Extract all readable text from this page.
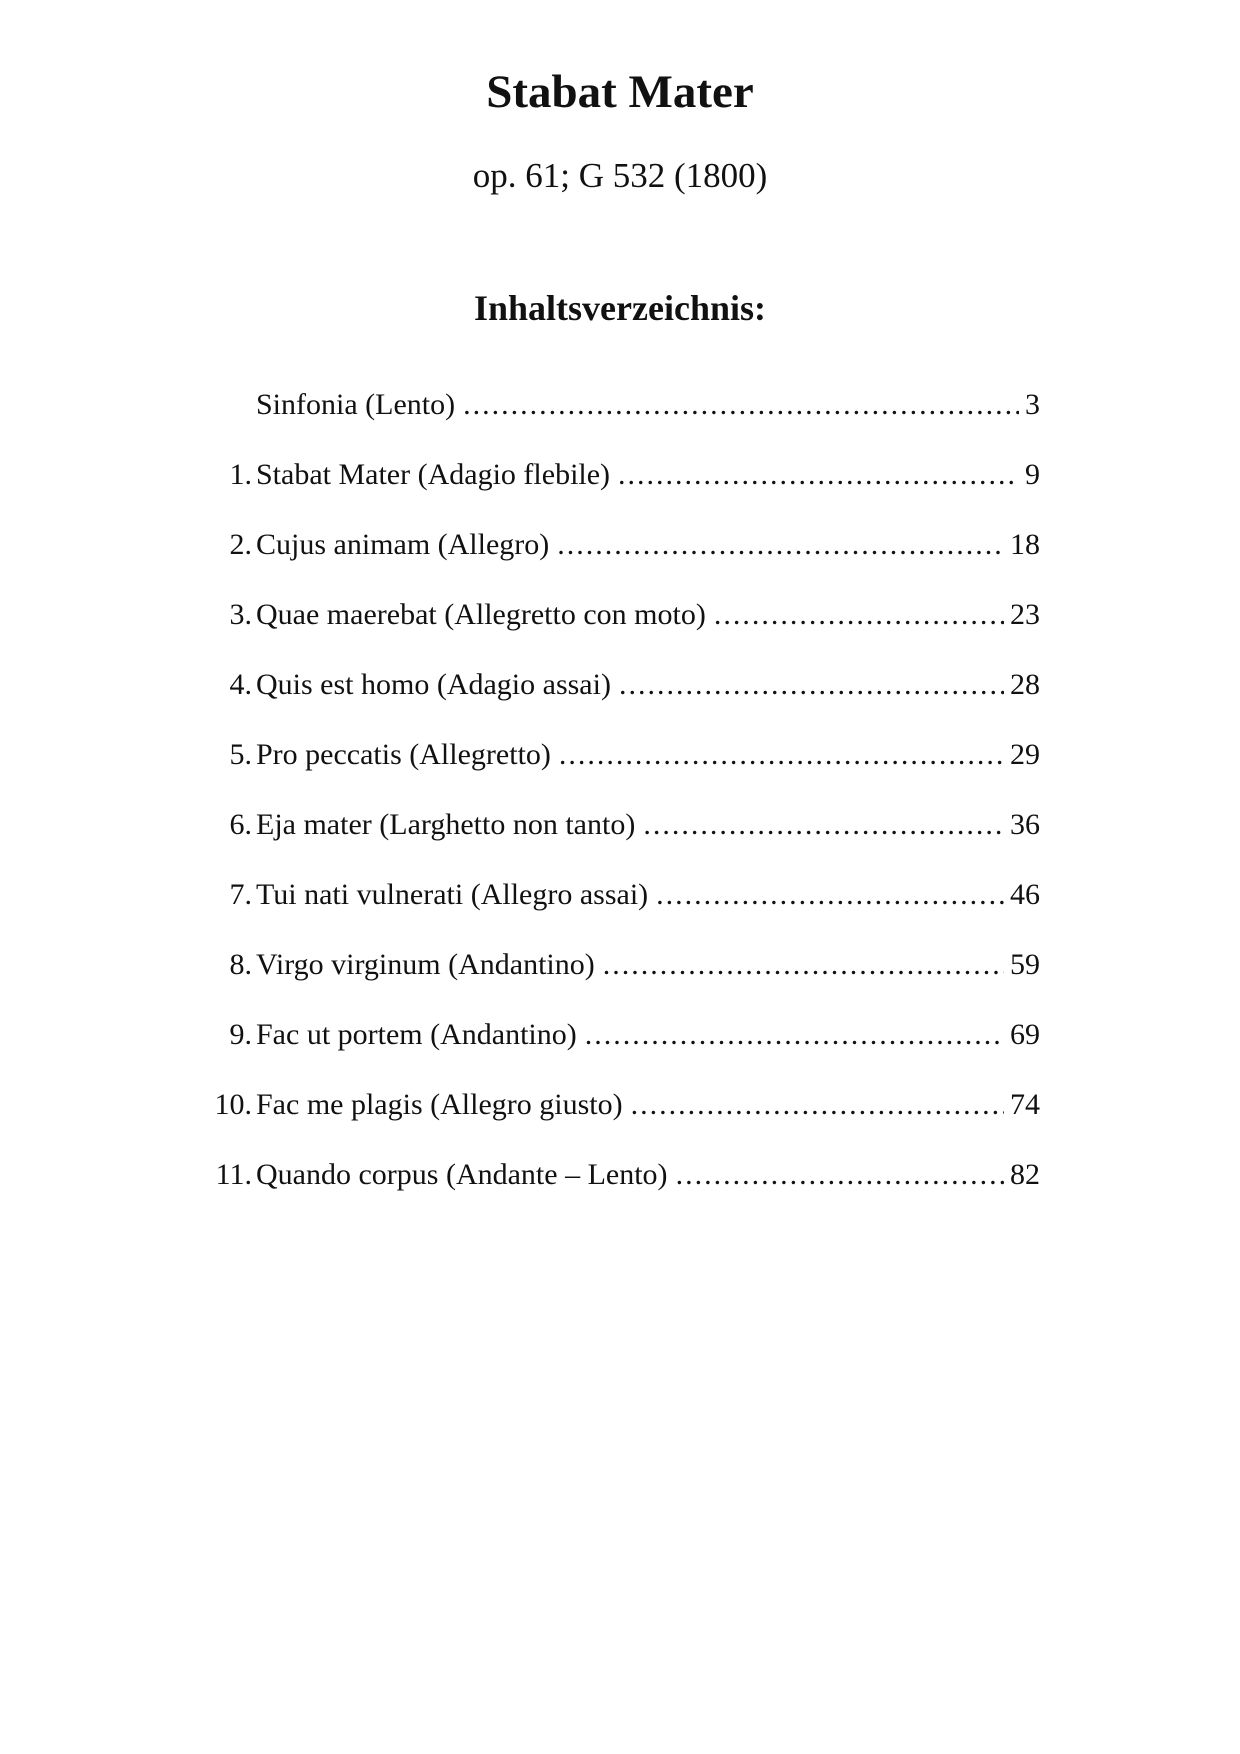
Stabat Mater

op. 61; G 532 (1800)

Inhaltsverzeichnis:
Sinfonia (Lento) .....	3
1. Stabat Mater (Adagio flebile) .....	9
2. Cujus animam (Allegro) .....	18
3. Quae maerebat (Allegretto con moto) .....	23
4. Quis est homo (Adagio assai) .....	28
5. Pro peccatis (Allegretto) .....	29
6. Eja mater (Larghetto non tanto) .....	36
7. Tui nati vulnerati (Allegro assai) .....	46
8. Virgo virginum (Andantino) .....	59
9. Fac ut portem (Andantino) .....	69
10. Fac me plagis (Allegro giusto) .....	74
11. Quando corpus (Andante – Lento) .....	82
